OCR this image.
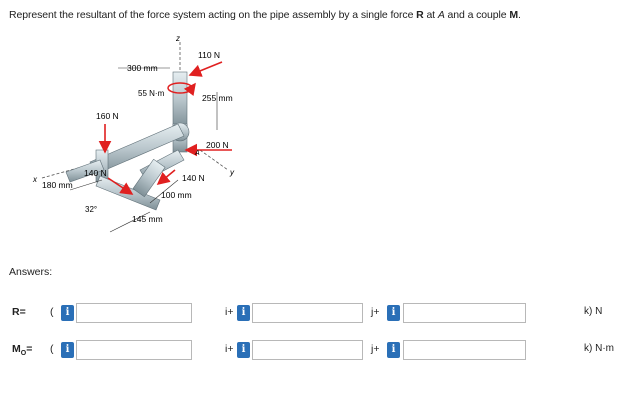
Represent the resultant of the force system acting on the pipe assembly by a single force R at A and a couple M.
z
x
y
110 N
300 mm
55 N·m	255 mm
160 N
200 N
A
140 N
180 mm
140 N
100 mm
32°
145 mm
Answers:
R= (	i	i+ i	j+	i	k) N
$M_O=$ (	i	i+ i	j+	i	k) N·m
